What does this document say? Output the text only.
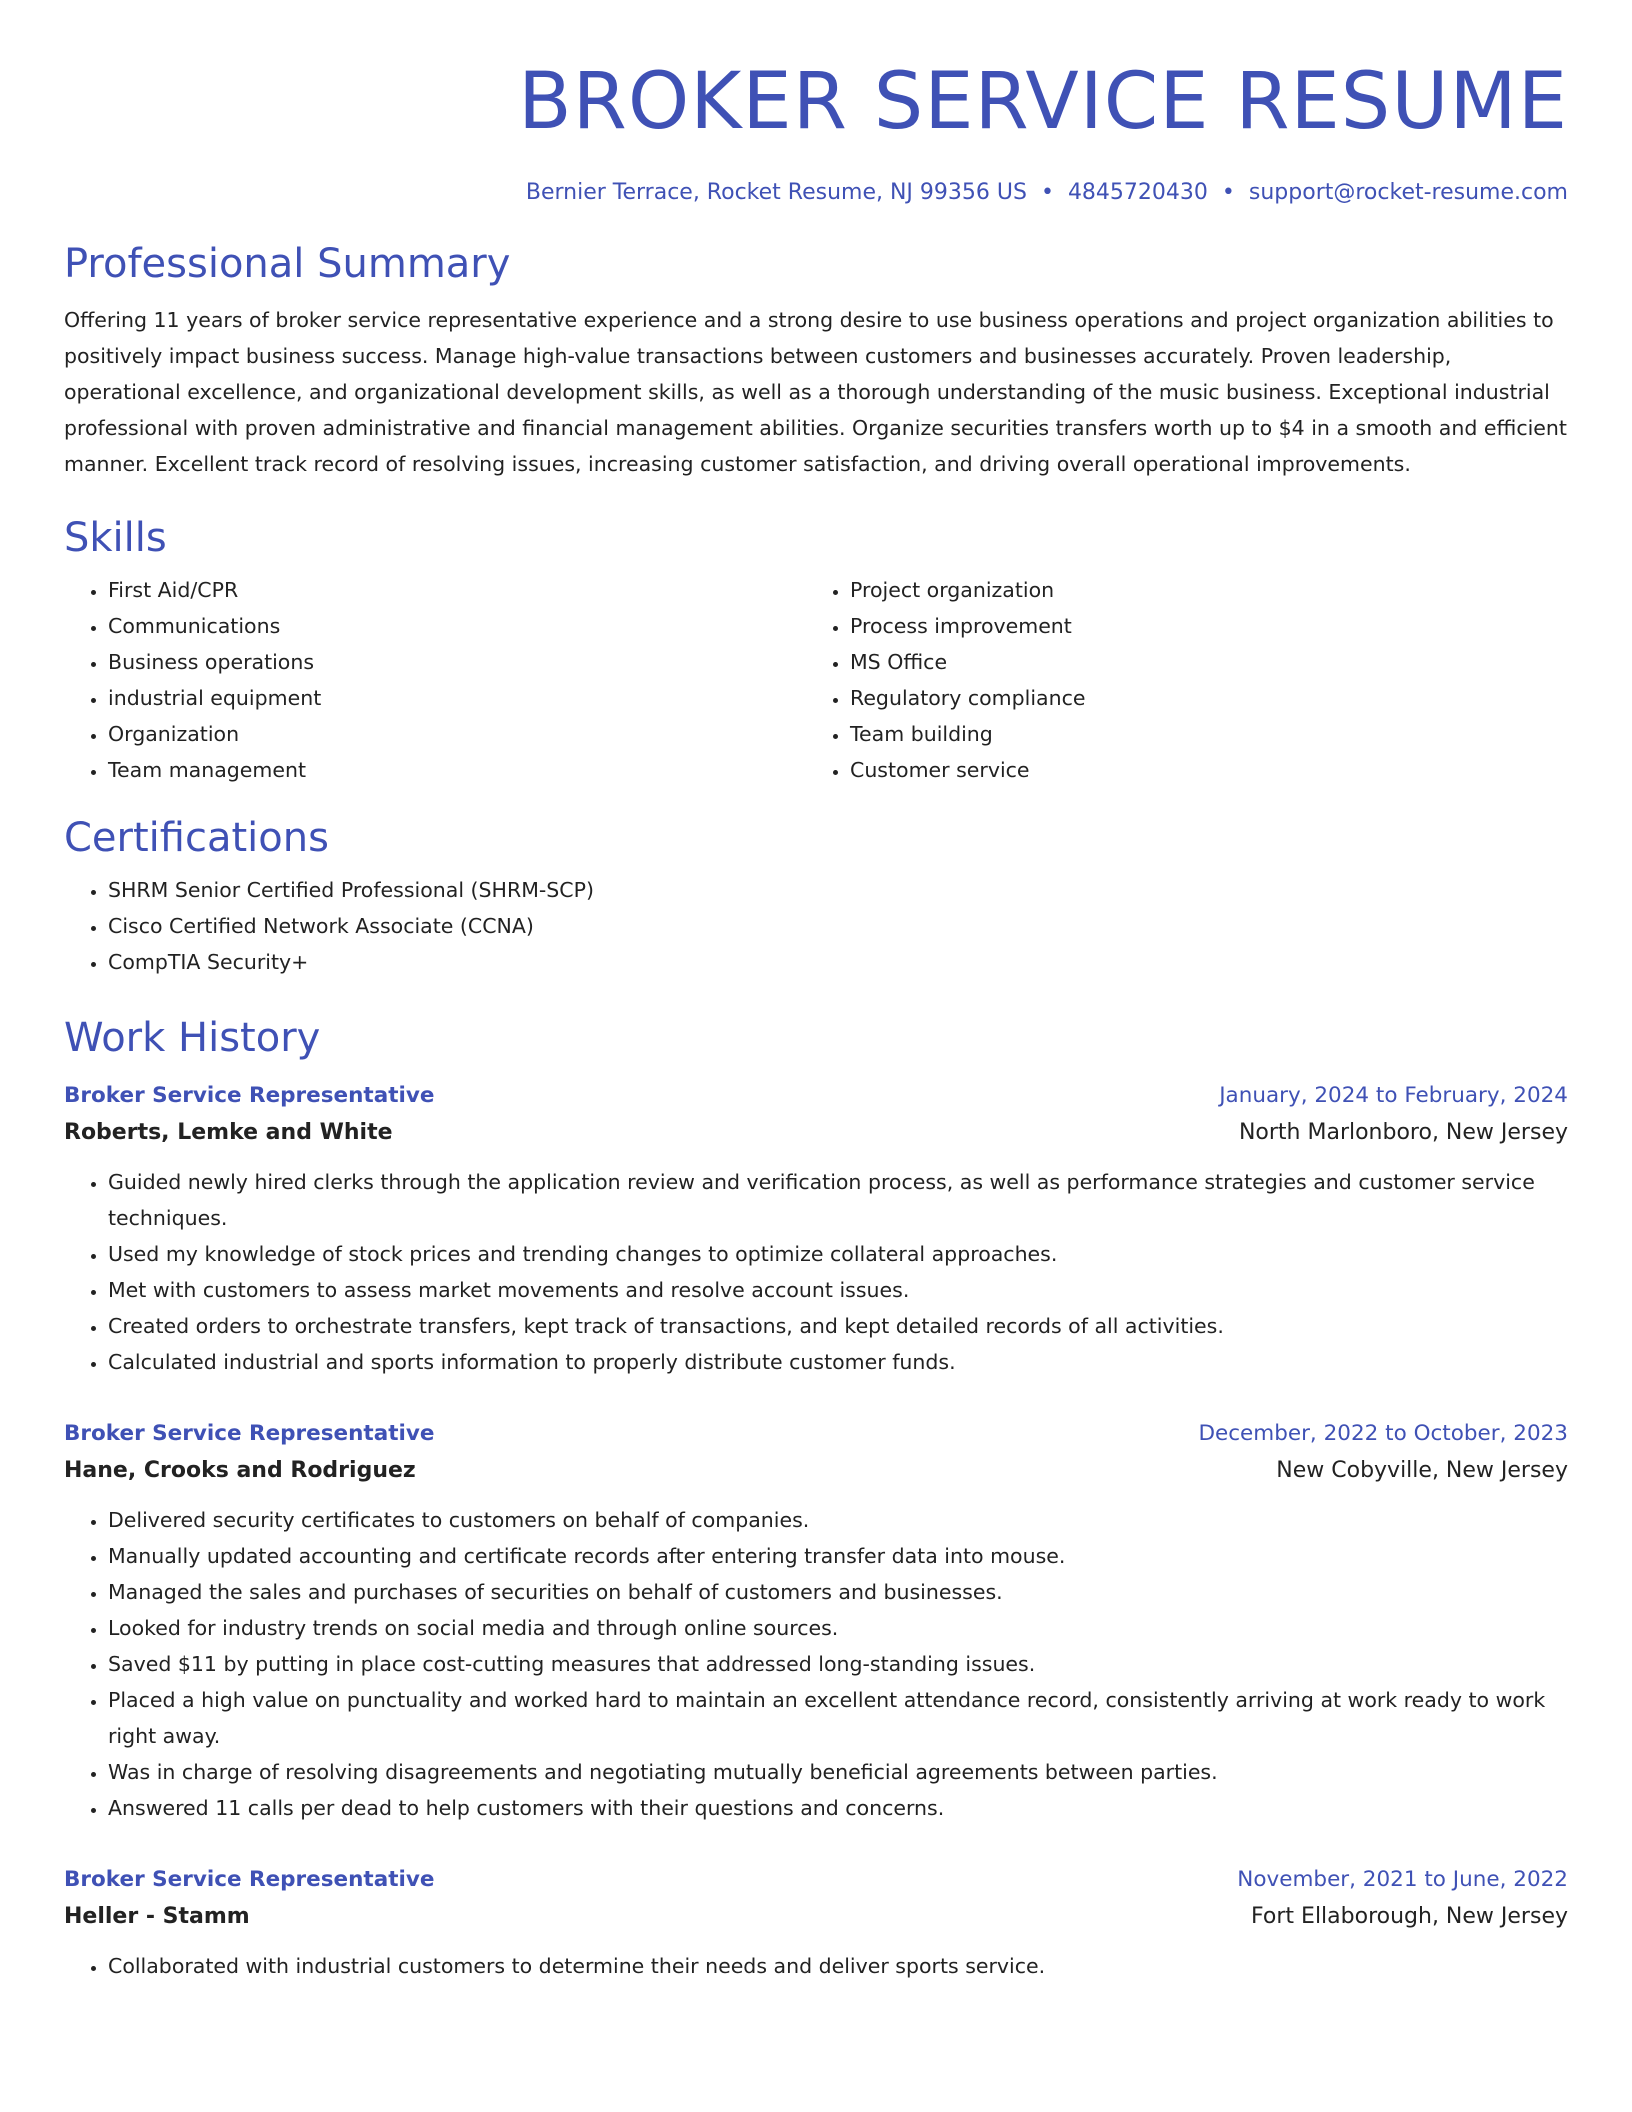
BROKER SERVICE RESUME
Bernier Terrace, Rocket Resume, NJ 99356 US • 4845720430 • support@rocket-resume.com
Professional Summary

Offering 11 years of broker service representative experience and a strong desire to use business operations and project organization abilities to positively impact business success. Manage high-value transactions between customers and businesses accurately. Proven leadership, operational excellence, and organizational development skills, as well as a thorough understanding of the music business. Exceptional industrial professional with proven administrative and financial management abilities. Organize securities transfers worth up to $4 in a smooth and efficient manner. Excellent track record of resolving issues, increasing customer satisfaction, and driving overall operational improvements.

Skills
• First Aid/CPR
• Communications
• Business operations
• industrial equipment
• Organization
• Team management
• Project organization
• Process improvement
• MS Office
• Regulatory compliance
• Team building
• Customer service
Certifications
• SHRM Senior Certified Professional (SHRM-SCP)
• Cisco Certified Network Associate (CCNA)
• CompTIA Security+
Work History
Broker Service Representative	January, 2024 to February, 2024
Roberts, Lemke and White	North Marlonboro, New Jersey
• Guided newly hired clerks through the application review and verification process, as well as performance strategies and customer service techniques.
• Used my knowledge of stock prices and trending changes to optimize collateral approaches.
• Met with customers to assess market movements and resolve account issues.
• Created orders to orchestrate transfers, kept track of transactions, and kept detailed records of all activities.
• Calculated industrial and sports information to properly distribute customer funds.
Broker Service Representative	December, 2022 to October, 2023
Hane, Crooks and Rodriguez	New Cobyville, New Jersey
• Delivered security certificates to customers on behalf of companies.
• Manually updated accounting and certificate records after entering transfer data into mouse.
• Managed the sales and purchases of securities on behalf of customers and businesses.
• Looked for industry trends on social media and through online sources.
• Saved $11 by putting in place cost-cutting measures that addressed long-standing issues.
• Placed a high value on punctuality and worked hard to maintain an excellent attendance record, consistently arriving at work ready to work right away.
• Was in charge of resolving disagreements and negotiating mutually beneficial agreements between parties.
• Answered 11 calls per dead to help customers with their questions and concerns.
Broker Service Representative	November, 2021 to June, 2022
Heller - Stamm	Fort Ellaborough, New Jersey
• Collaborated with industrial customers to determine their needs and deliver sports service.
